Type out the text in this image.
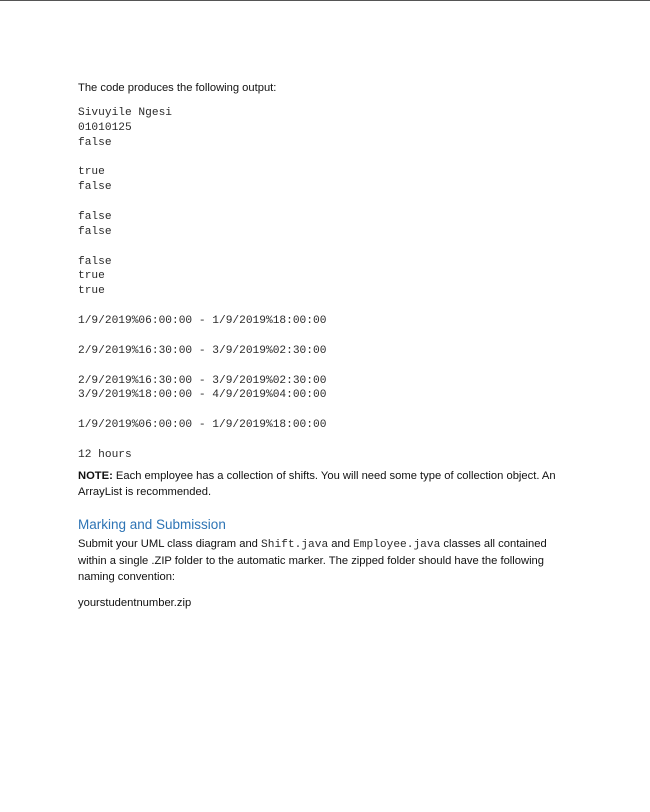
The code produces the following output:

Sivuyile Ngesi

01010125

false

true

false

false

false

false

true

true

1/9/2019%06:00:00 - 1/9/2019%18:00:00

2/9/2019%16:30:00 - 3/9/2019%02:30:00

2/9/2019%16:30:00 - 3/9/2019%02:30:00

3/9/2019%18:00:00 - 4/9/2019%04:00:00

1/9/2019%06:00:00 - 1/9/2019%18:00:00

12 hours

NOTE: Each employee has a collection of shifts. You will need some type of collection object. An ArrayList is recommended.

Marking and Submission

Submit your UML class diagram and Shift.java and Employee.java classes all contained within a single .ZIP folder to the automatic marker. The zipped folder should have the following naming convention:

yourstudentnumber.zip
